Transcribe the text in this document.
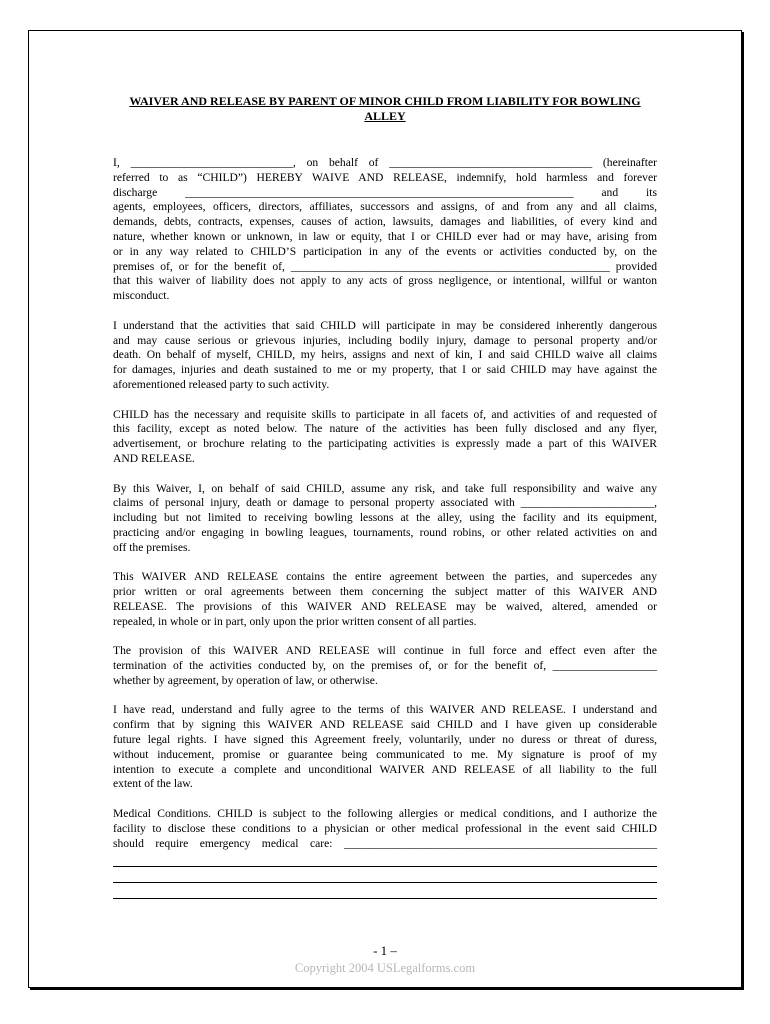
WAIVER AND RELEASE BY PARENT OF MINOR CHILD FROM LIABILITY FOR BOWLING ALLEY
I, ____________________________, on behalf of ___________________________________ (hereinafter
referred to as “CHILD”) HEREBY WAIVE AND RELEASE, indemnify, hold harmless and forever
discharge ___________________________________________________________________ and its
agents, employees, officers, directors, affiliates, successors and assigns, of and from any and all claims,
demands, debts, contracts, expenses, causes of action, lawsuits, damages and liabilities, of every kind and
nature, whether known or unknown, in law or equity, that I or CHILD ever had or may have, arising from
or in any way related to CHILD’S participation in any of the events or activities conducted by, on the
premises of, or for the benefit of, _______________________________________________________ provided
that this waiver of liability does not apply to any acts of gross negligence, or intentional, willful or wanton
misconduct.
I understand that the activities that said CHILD will participate in may be considered inherently dangerous
and may cause serious or grievous injuries, including bodily injury, damage to personal property and/or
death. On behalf of myself, CHILD, my heirs, assigns and next of kin, I and said CHILD waive all claims
for damages, injuries and death sustained to me or my property, that I or said CHILD may have against the
aforementioned released party to such activity.
CHILD has the necessary and requisite skills to participate in all facets of, and activities of and requested of
this facility, except as noted below. The nature of the activities has been fully disclosed and any flyer,
advertisement, or brochure relating to the participating activities is expressly made a part of this WAIVER
AND RELEASE.
By this Waiver, I, on behalf of said CHILD, assume any risk, and take full responsibility and waive any
claims of personal injury, death or damage to personal property associated with _______________________,
including but not limited to receiving bowling lessons at the alley, using the facility and its equipment,
practicing and/or engaging in bowling leagues, tournaments, round robins, or other related activities on and
off the premises.
This WAIVER AND RELEASE contains the entire agreement between the parties, and supercedes any
prior written or oral agreements between them concerning the subject matter of this WAIVER AND
RELEASE. The provisions of this WAIVER AND RELEASE may be waived, altered, amended or
repealed, in whole or in part, only upon the prior written consent of all parties.
The provision of this WAIVER AND RELEASE will continue in full force and effect even after the
termination of the activities conducted by, on the premises of, or for the benefit of, __________________
whether by agreement, by operation of law, or otherwise.
I have read, understand and fully agree to the terms of this WAIVER AND RELEASE. I understand and
confirm that by signing this WAIVER AND RELEASE said CHILD and I have given up considerable
future legal rights. I have signed this Agreement freely, voluntarily, under no duress or threat of duress,
without inducement, promise or guarantee being communicated to me. My signature is proof of my
intention to execute a complete and unconditional WAIVER AND RELEASE of all liability to the full
extent of the law.
Medical Conditions. CHILD is subject to the following allergies or medical conditions, and I authorize the
facility to disclose these conditions to a physician or other medical professional in the event said CHILD
should require emergency medical care: ______________________________________________________
- 1 –
Copyright 2004 USLegalforms.com
